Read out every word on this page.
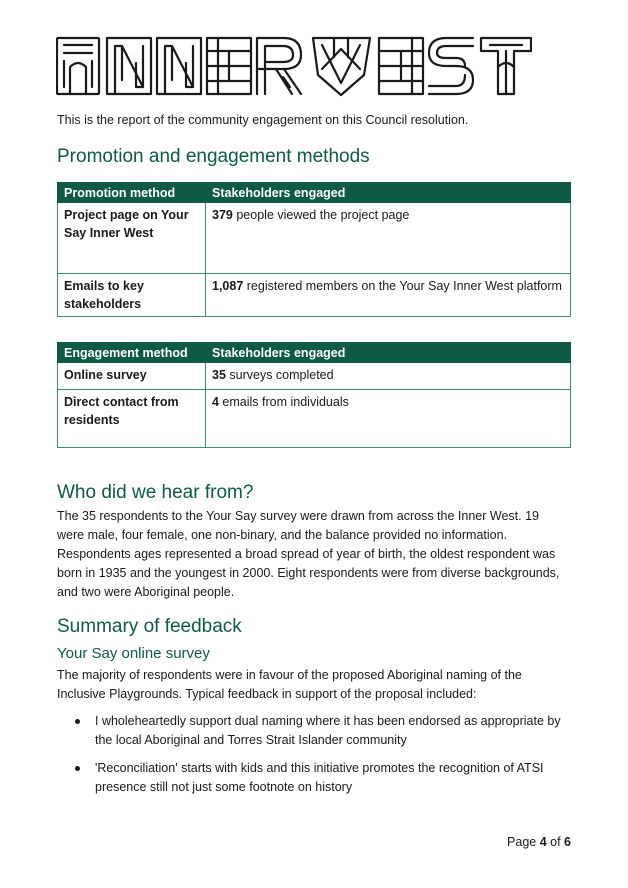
This is the report of the community engagement on this Council resolution.
Promotion and engagement methods
Promotion method	Stakeholders engaged
Project page on Your Say Inner West	379 people viewed the project page
Emails to key stakeholders	1,087 registered members on the Your Say Inner West platform
Engagement method	Stakeholders engaged
Online survey	35 surveys completed
Direct contact from residents	4 emails from individuals
Who did we hear from?

The 35 respondents to the Your Say survey were drawn from across the Inner West. 19 were male, four female, one non-binary, and the balance provided no information. Respondents ages represented a broad spread of year of birth, the oldest respondent was born in 1935 and the youngest in 2000. Eight respondents were from diverse backgrounds, and two were Aboriginal people.

Summary of feedback
Your Say online survey

The majority of respondents were in favour of the proposed Aboriginal naming of the Inclusive Playgrounds. Typical feedback in support of the proposal included:

I wholeheartedly support dual naming where it has been endorsed as appropriate by the local Aboriginal and Torres Strait Islander community
'Reconciliation' starts with kids and this initiative promotes the recognition of ATSI presence still not just some footnote on history
Page 4 of 6
